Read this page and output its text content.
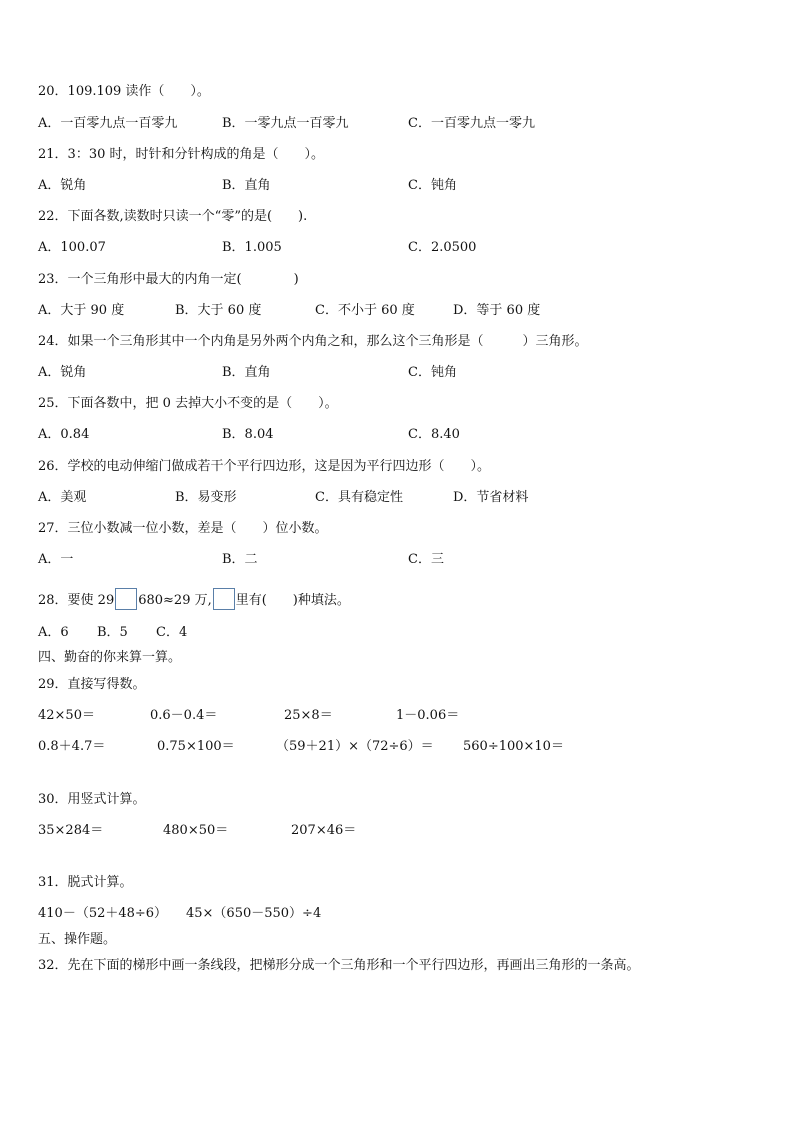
20．109.109 读作（　　）。
A．一百零九点一百零九	B．一零九点一百零九	C．一百零九点一零九
21．3：30 时，时针和分针构成的角是（　　）。
A．锐角	B．直角	C．钝角
22．下面各数,读数时只读一个“零”的是(　　).
A．100.07	B．1.005	C．2.0500
23．一个三角形中最大的内角一定(　　　　)
A．大于 90 度	B．大于 60 度	C．不小于 60 度	D．等于 60 度
24．如果一个三角形其中一个内角是另外两个内角之和，那么这个三角形是（　　　）三角形。
A．锐角	B．直角	C．钝角
25．下面各数中，把 0 去掉大小不变的是（　　）。
A．0.84	B．8.04	C．8.40
26．学校的电动伸缩门做成若干个平行四边形，这是因为平行四边形（　　）。
A．美观	B．易变形	C．具有稳定性	D．节省材料
27．三位小数减一位小数，差是（　　）位小数。
A．一	B．二	C．三
28．要使 29 680≈29 万, 里有(　　)种填法。
A．6 B．5 C．4
四、勤奋的你来算一算。
29．直接写得数。
42×50＝	0.6－0.4＝	25×8＝	1－0.06＝
0.8＋4.7＝	0.75×100＝	（59＋21）×（72÷6）＝ 560÷100×10＝
30．用竖式计算。
35×284＝	480×50＝	207×46＝
31．脱式计算。
410－（52＋48÷6） 45×（650－550）÷4
五、操作题。
32．先在下面的梯形中画一条线段，把梯形分成一个三角形和一个平行四边形，再画出三角形的一条高。
